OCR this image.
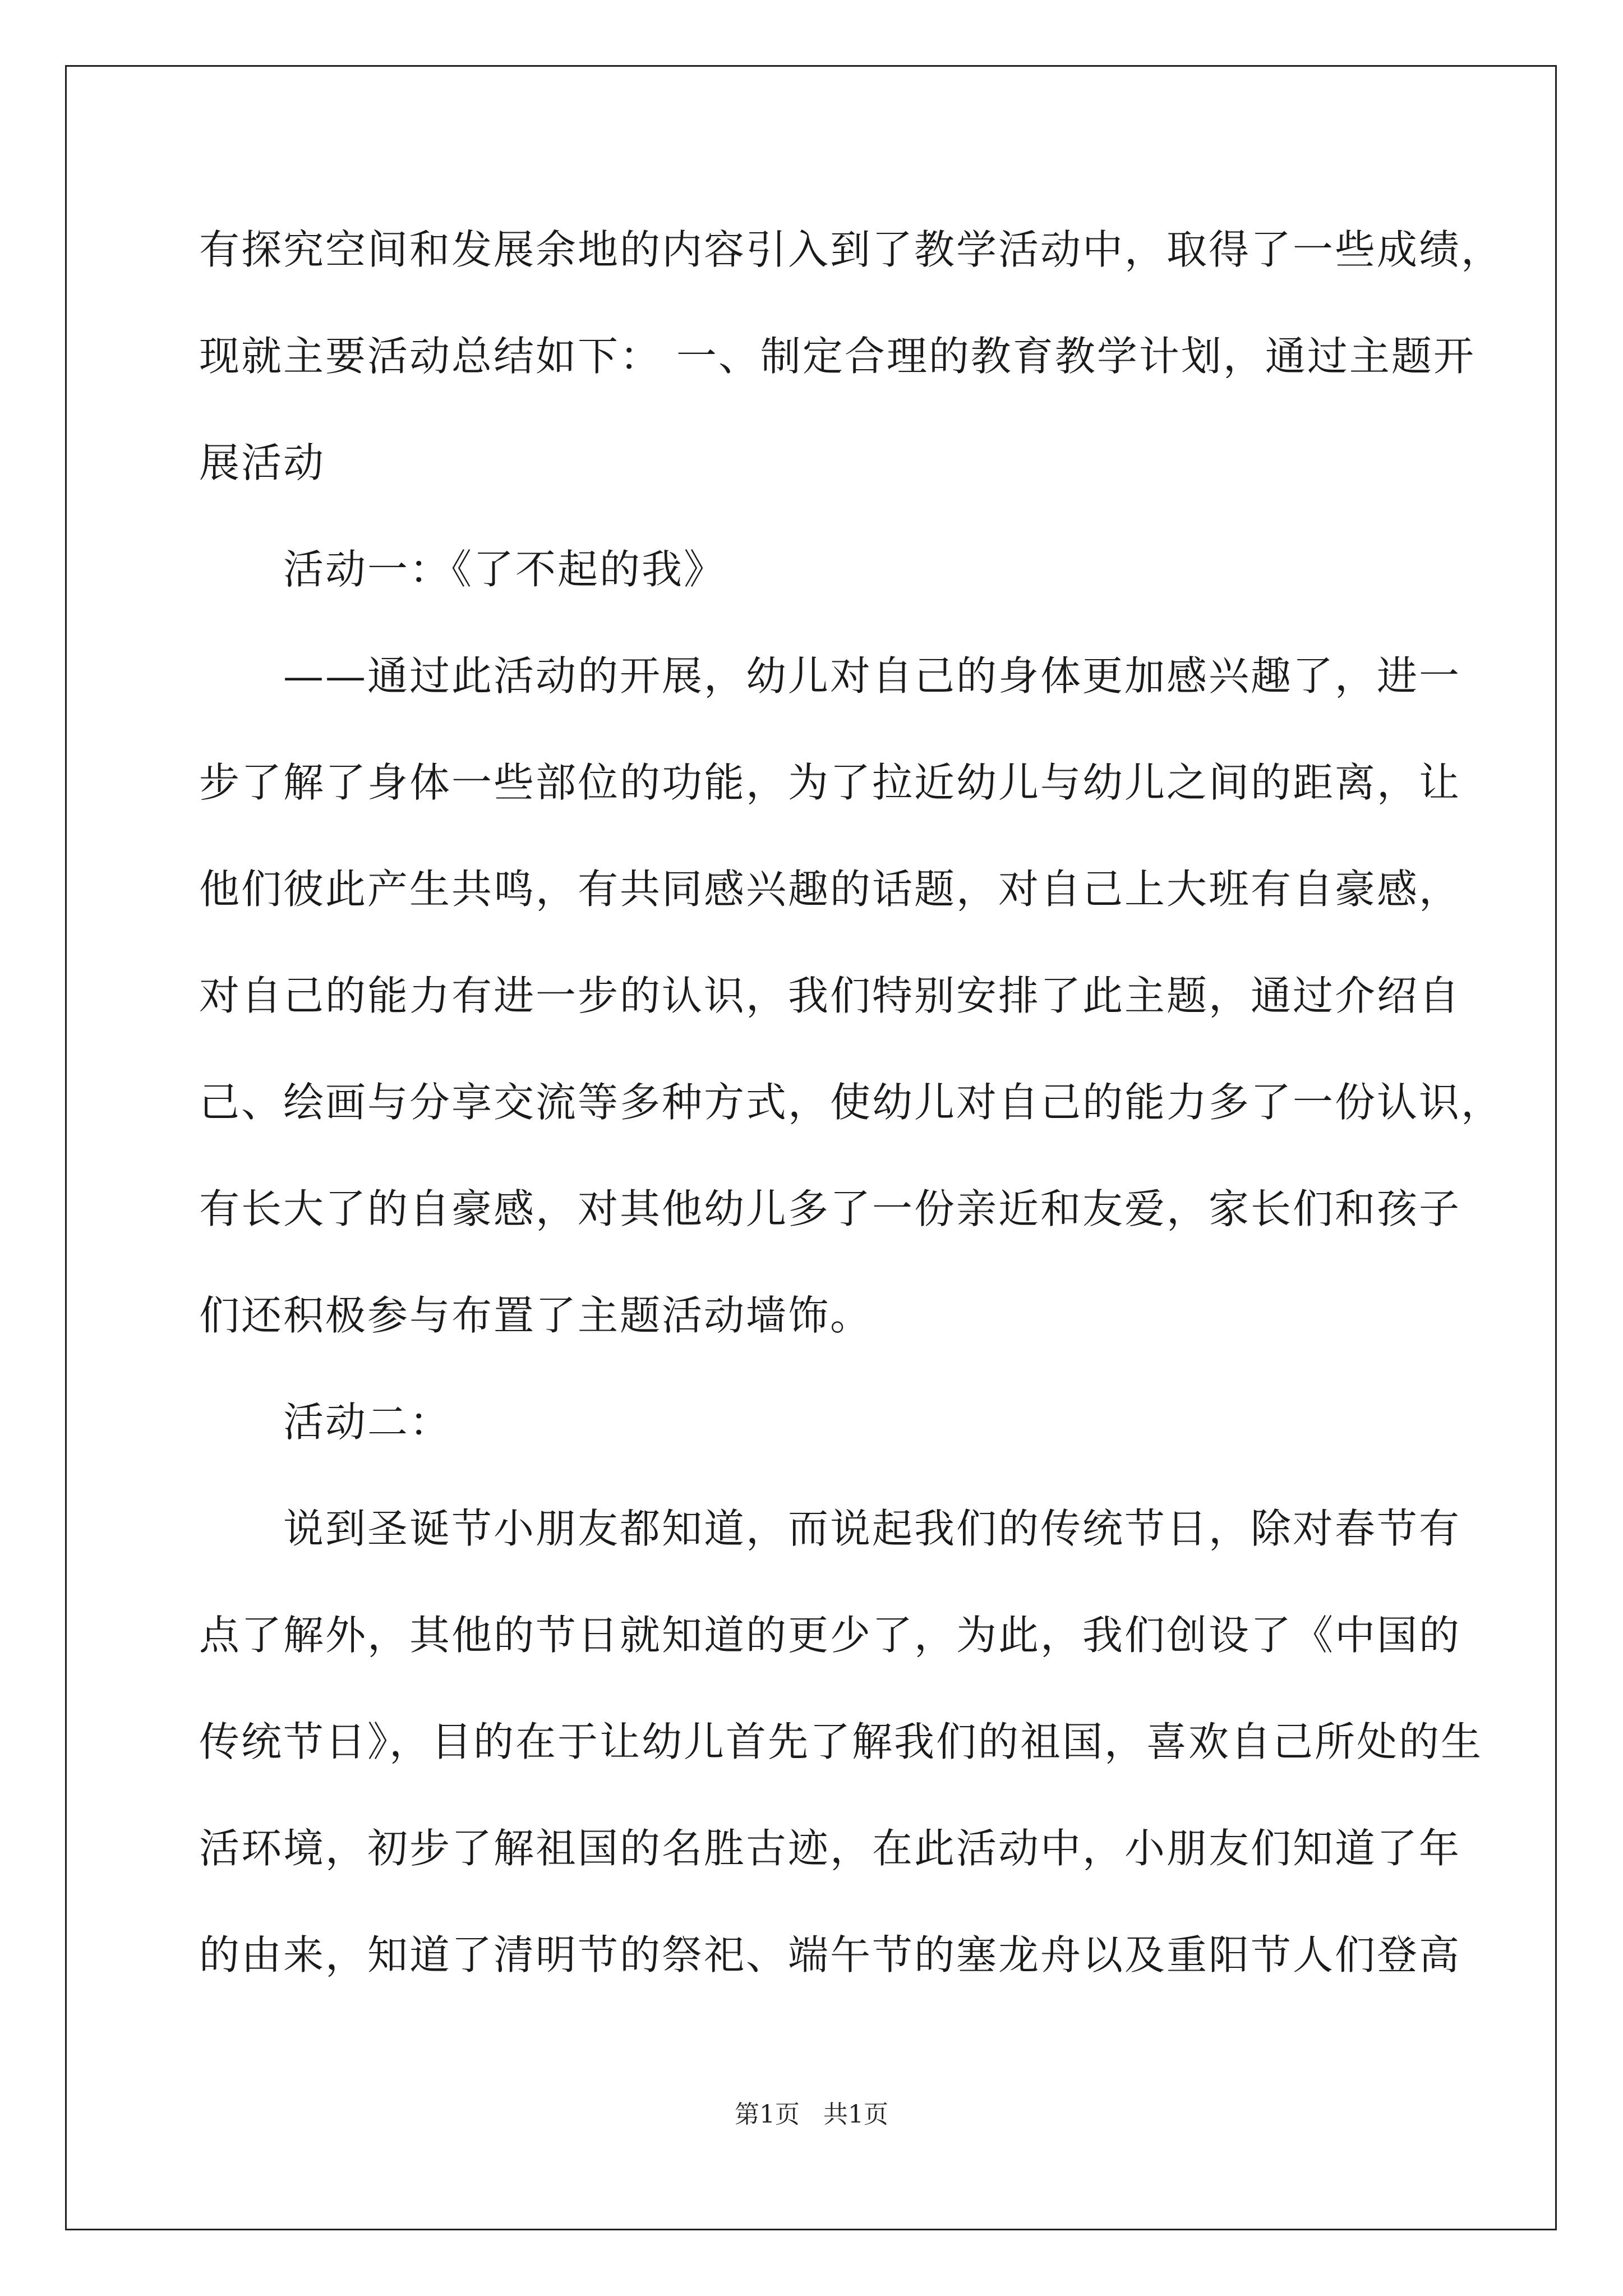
有探究空间和发展余地的内容引入到了教学活动中，取得了一些成绩，
现就主要活动总结如下： 一、制定合理的教育教学计划，通过主题开
展活动
活动一：《了不起的我》
——通过此活动的开展，幼儿对自己的身体更加感兴趣了，进一
步了解了身体一些部位的功能，为了拉近幼儿与幼儿之间的距离，让
他们彼此产生共鸣，有共同感兴趣的话题，对自己上大班有自豪感，
对自己的能力有进一步的认识，我们特别安排了此主题，通过介绍自
己、绘画与分享交流等多种方式，使幼儿对自己的能力多了一份认识，
有长大了的自豪感，对其他幼儿多了一份亲近和友爱，家长们和孩子
们还积极参与布置了主题活动墙饰。
活动二：
说到圣诞节小朋友都知道，而说起我们的传统节日，除对春节有
点了解外，其他的节日就知道的更少了，为此，我们创设了《中国的
传统节日》，目的在于让幼儿首先了解我们的祖国，喜欢自己所处的生
活环境，初步了解祖国的名胜古迹，在此活动中，小朋友们知道了年
的由来，知道了清明节的祭祀、端午节的塞龙舟以及重阳节人们登高
第1页 共1页
